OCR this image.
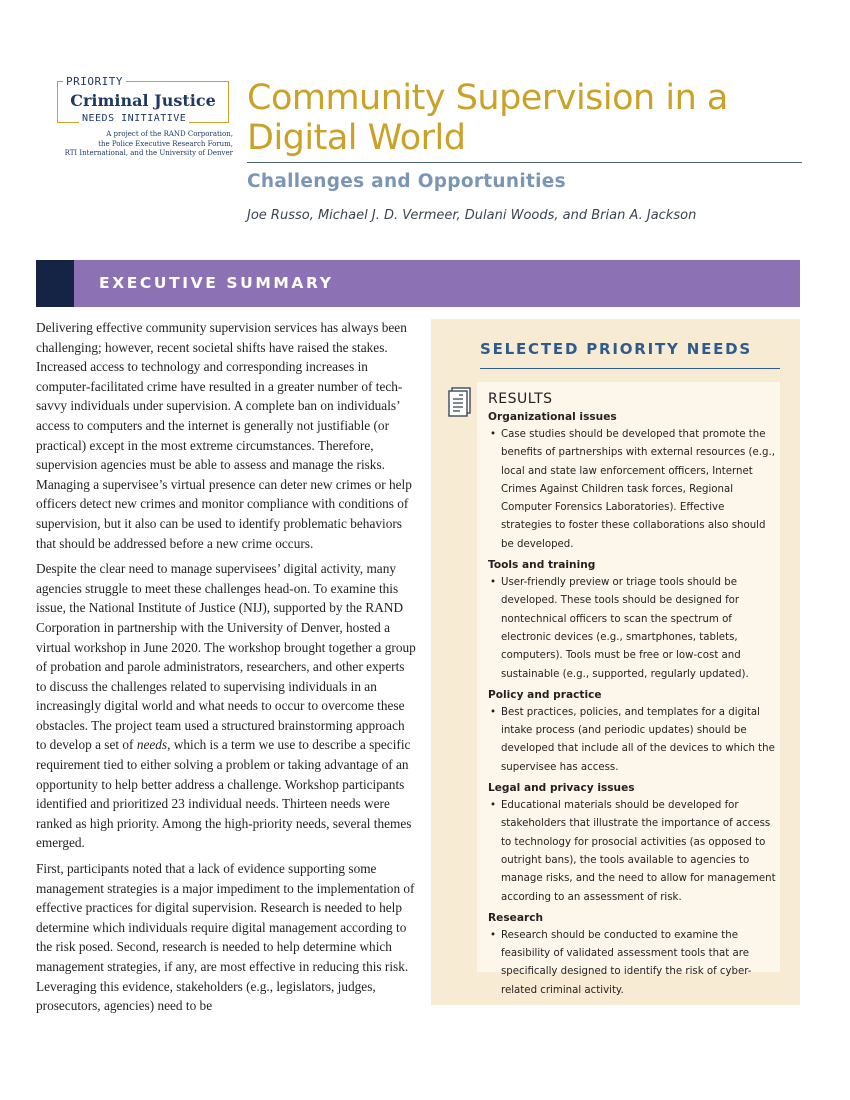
PRIORITY
Criminal Justice
NEEDS INITIATIVE
A project of the RAND Corporation,
the Police Executive Research Forum,
RTI International, and the University of Denver
Community Supervision in a Digital World
Challenges and Opportunities
Joe Russo, Michael J. D. Vermeer, Dulani Woods, and Brian A. Jackson
EXECUTIVE SUMMARY

Delivering effective community supervision services has always been challenging; however, recent societal shifts have raised the stakes. Increased access to technology and corresponding increases in computer-facilitated crime have resulted in a greater number of tech-savvy individuals under supervision. A complete ban on individuals’ access to computers and the internet is generally not justifiable (or practical) except in the most extreme circumstances. Therefore, supervision agencies must be able to assess and manage the risks. Managing a supervisee’s virtual presence can deter new crimes or help officers detect new crimes and monitor compliance with conditions of supervision, but it also can be used to identify problematic behaviors that should be addressed before a new crime occurs.

Despite the clear need to manage supervisees’ digital activity, many agencies struggle to meet these challenges head-on. To examine this issue, the National Institute of Justice (NIJ), supported by the RAND Corporation in partnership with the University of Denver, hosted a virtual workshop in June 2020. The workshop brought together a group of probation and parole administrators, researchers, and other experts to discuss the challenges related to supervising individuals in an increasingly digital world and what needs to occur to overcome these obstacles. The project team used a structured brainstorming approach to develop a set of needs, which is a term we use to describe a specific requirement tied to either solving a problem or taking advantage of an opportunity to help better address a challenge. Workshop participants identified and prioritized 23 individual needs. Thirteen needs were ranked as high priority. Among the high-priority needs, several themes emerged.

First, participants noted that a lack of evidence supporting some management strategies is a major impediment to the implementation of effective practices for digital supervision. Research is needed to help determine which individuals require digital management according to the risk posed. Second, research is needed to help determine which management strategies, if any, are most effective in reducing this risk. Leveraging this evidence, stakeholders (e.g., legislators, judges, prosecutors, agencies) need to be

SELECTED PRIORITY NEEDS
RESULTS
Organizational issues
• Case studies should be developed that promote the benefits of partnerships with external resources (e.g., local and state law enforcement officers, Internet Crimes Against Children task forces, Regional Computer Forensics Laboratories). Effective strategies to foster these collaborations also should be developed.
Tools and training
• User-friendly preview or triage tools should be developed. These tools should be designed for nontechnical officers to scan the spectrum of electronic devices (e.g., smartphones, tablets, computers). Tools must be free or low-cost and sustainable (e.g., supported, regularly updated).
Policy and practice
• Best practices, policies, and templates for a digital intake process (and periodic updates) should be developed that include all of the devices to which the supervisee has access.
Legal and privacy issues
• Educational materials should be developed for stakeholders that illustrate the importance of access to technology for prosocial activities (as opposed to outright bans), the tools available to agencies to manage risks, and the need to allow for management according to an assessment of risk.
Research
• Research should be conducted to examine the feasibility of validated assessment tools that are specifically designed to identify the risk of cyber-related criminal activity.
